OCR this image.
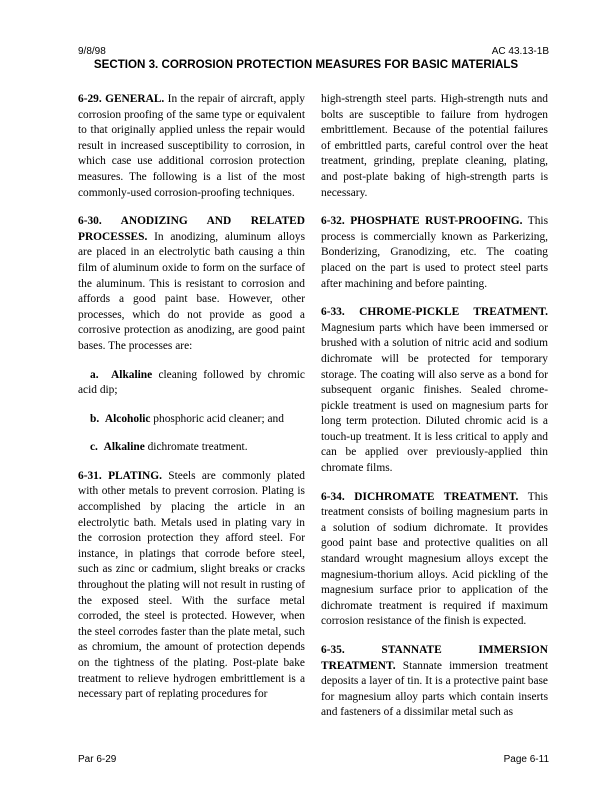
9/8/98	AC 43.13-1B
SECTION 3. CORROSION PROTECTION MEASURES FOR BASIC MATERIALS

6-29. GENERAL. In the repair of aircraft, apply corrosion proofing of the same type or equivalent to that originally applied unless the repair would result in increased susceptibility to corrosion, in which case use additional corrosion protection measures. The following is a list of the most commonly-used corrosion-proofing techniques.

6-30. ANODIZING AND RELATED PROCESSES. In anodizing, aluminum alloys are placed in an electrolytic bath causing a thin film of aluminum oxide to form on the surface of the aluminum. This is resistant to corrosion and affords a good paint base. However, other processes, which do not provide as good a corrosive protection as anodizing, are good paint bases. The processes are:

a. Alkaline cleaning followed by chromic acid dip;

b. Alcoholic phosphoric acid cleaner; and

c. Alkaline dichromate treatment.

6-31. PLATING. Steels are commonly plated with other metals to prevent corrosion. Plating is accomplished by placing the article in an electrolytic bath. Metals used in plating vary in the corrosion protection they afford steel. For instance, in platings that corrode before steel, such as zinc or cadmium, slight breaks or cracks throughout the plating will not result in rusting of the exposed steel. With the surface metal corroded, the steel is protected. However, when the steel corrodes faster than the plate metal, such as chromium, the amount of protection depends on the tightness of the plating. Post-plate bake treatment to relieve hydrogen embrittlement is a necessary part of replating procedures for

high-strength steel parts. High-strength nuts and bolts are susceptible to failure from hydrogen embrittlement. Because of the potential failures of embrittled parts, careful control over the heat treatment, grinding, preplate cleaning, plating, and post-plate baking of high-strength parts is necessary.

6-32. PHOSPHATE RUST-PROOFING. This process is commercially known as Parkerizing, Bonderizing, Granodizing, etc. The coating placed on the part is used to protect steel parts after machining and before painting.

6-33. CHROME-PICKLE TREATMENT. Magnesium parts which have been immersed or brushed with a solution of nitric acid and sodium dichromate will be protected for temporary storage. The coating will also serve as a bond for subsequent organic finishes. Sealed chrome-pickle treatment is used on magnesium parts for long term protection. Diluted chromic acid is a touch-up treatment. It is less critical to apply and can be applied over previously-applied thin chromate films.

6-34. DICHROMATE TREATMENT. This treatment consists of boiling magnesium parts in a solution of sodium dichromate. It provides good paint base and protective qualities on all standard wrought magnesium alloys except the magnesium-thorium alloys. Acid pickling of the magnesium surface prior to application of the dichromate treatment is required if maximum corrosion resistance of the finish is expected.

6-35. STANNATE IMMERSION TREATMENT. Stannate immersion treatment deposits a layer of tin. It is a protective paint base for magnesium alloy parts which contain inserts and fasteners of a dissimilar metal such as

Par 6-29	Page 6-11
